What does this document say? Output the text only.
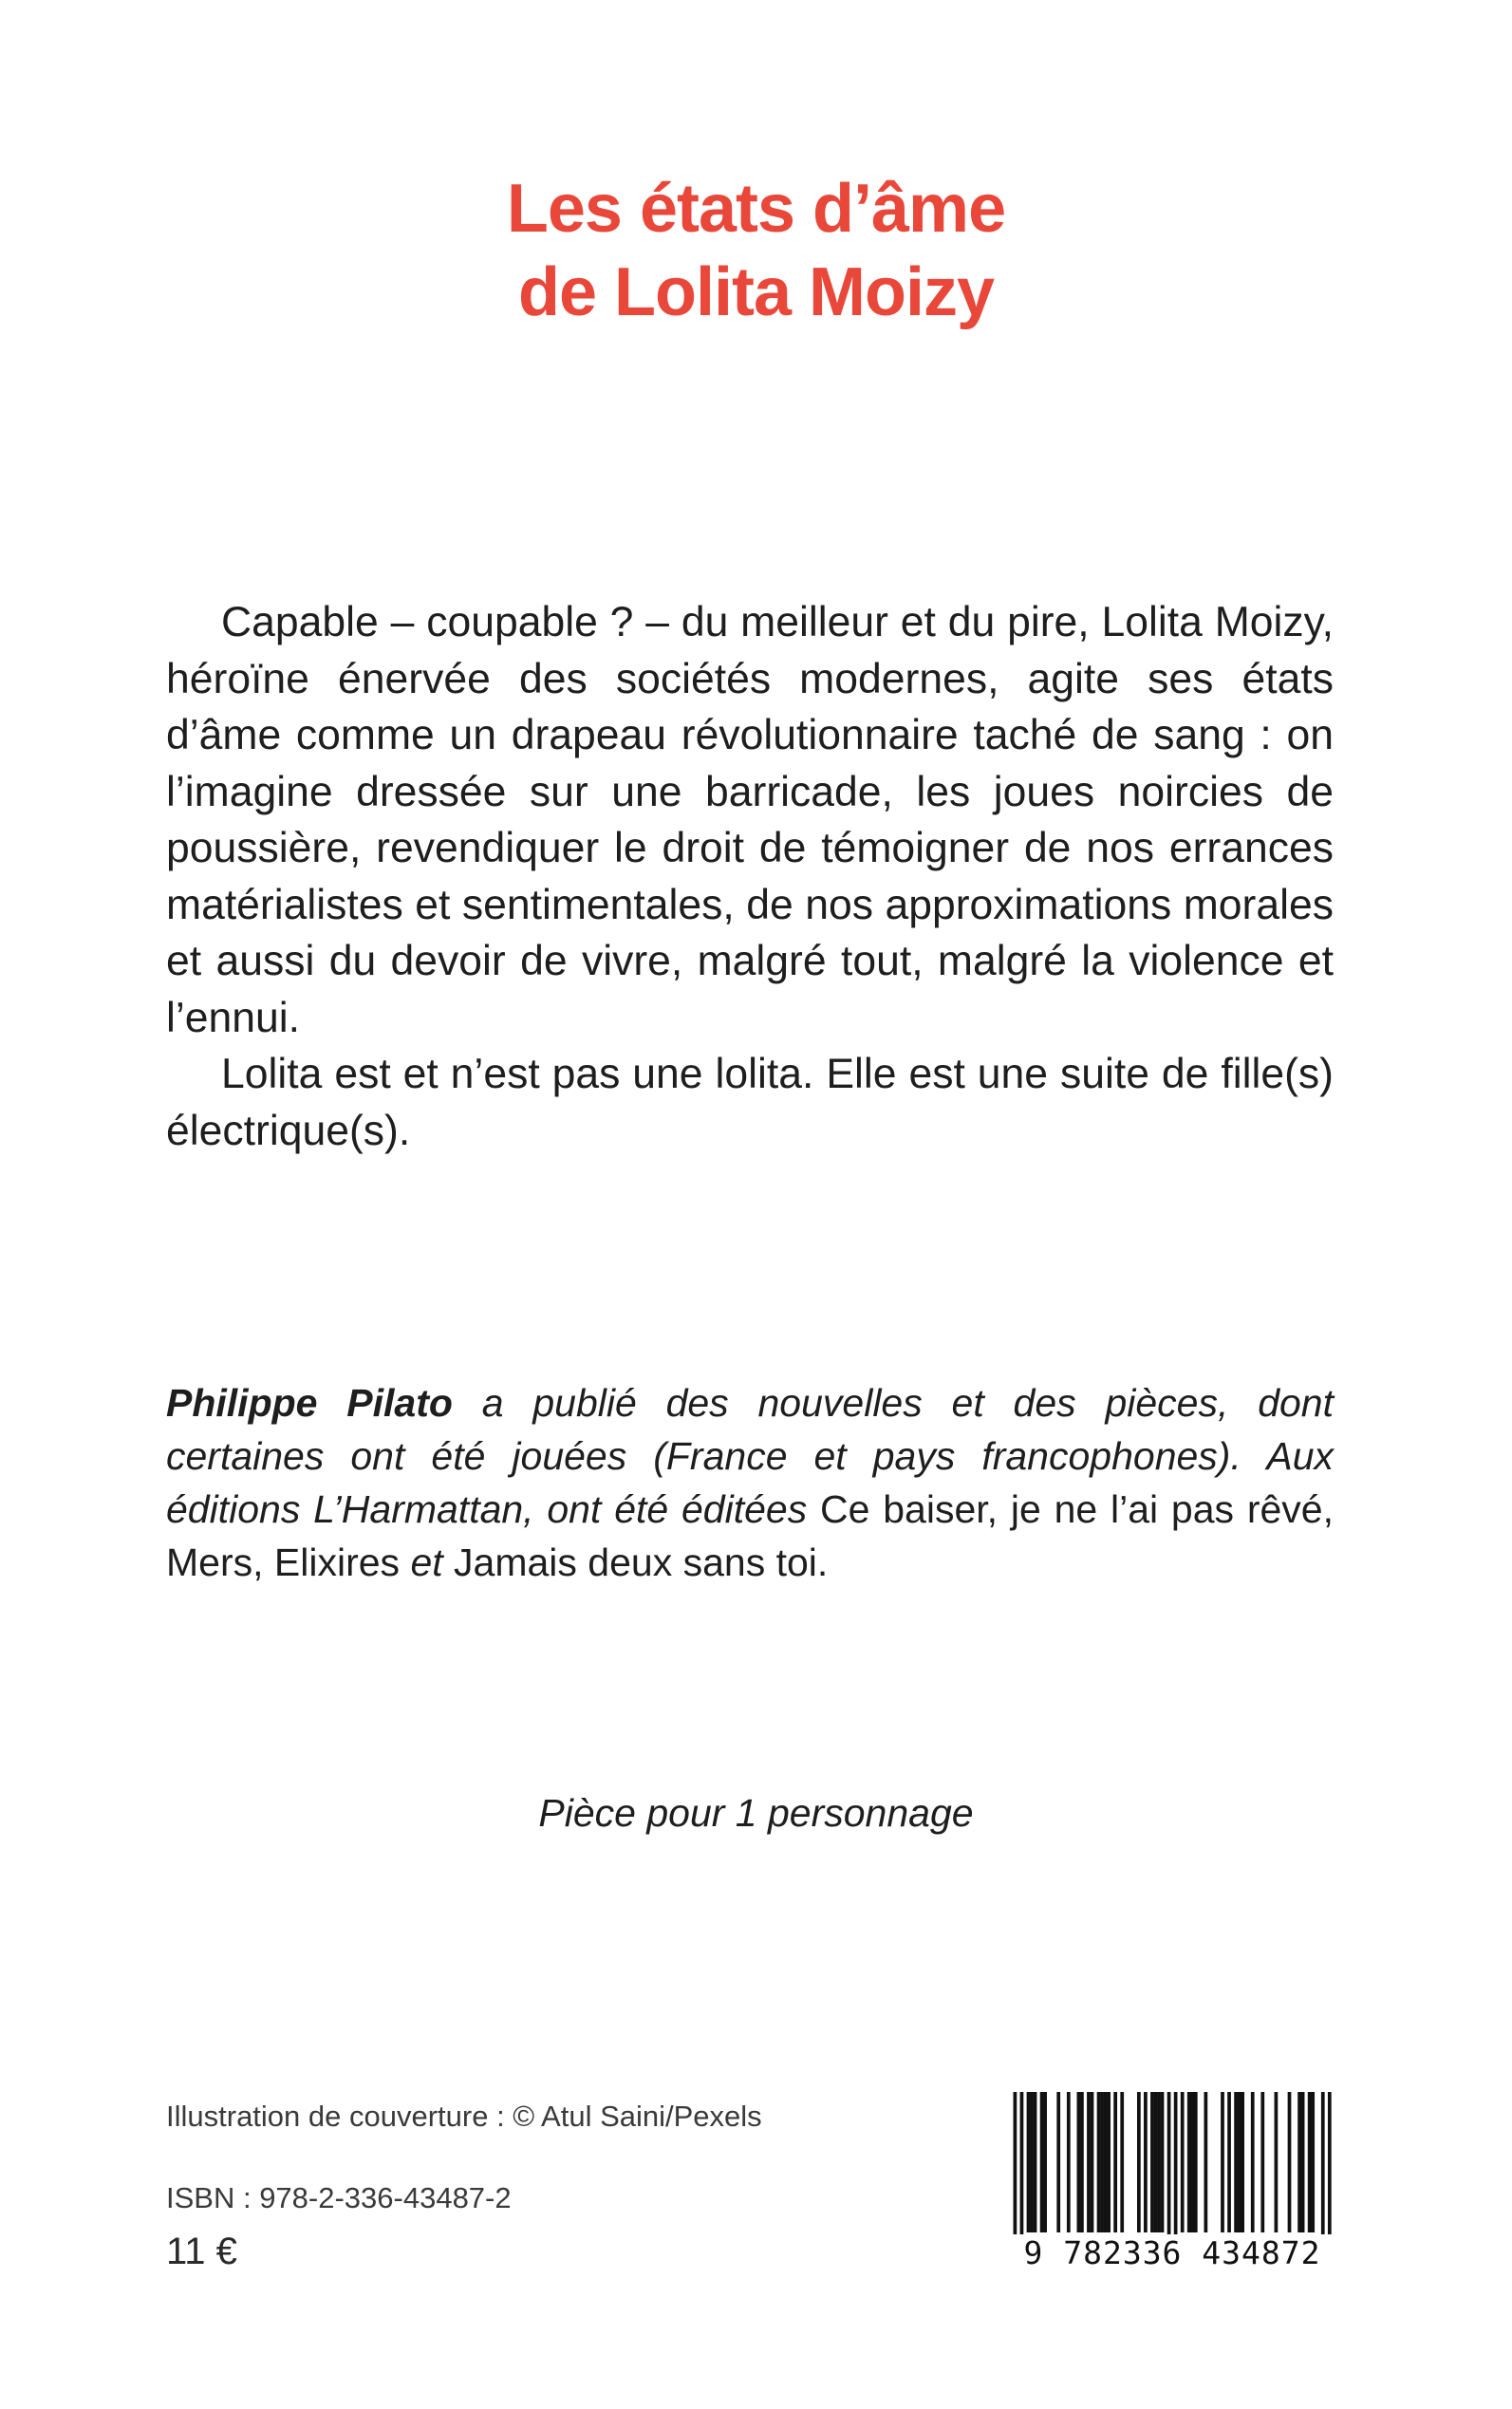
Les états d’âme
de Lolita Moizy

Capable – coupable ? – du meilleur et du pire, Lolita Moizy, héroïne énervée des sociétés modernes, agite ses états d’âme comme un drapeau révolutionnaire taché de sang : on l’imagine dressée sur une barricade, les joues noircies de poussière, revendiquer le droit de témoigner de nos errances matérialistes et sentimentales, de nos approximations morales et aussi du devoir de vivre, malgré tout, malgré la violence et l’ennui.

Lolita est et n’est pas une lolita. Elle est une suite de fille(s) électrique(s).

Philippe Pilato a publié des nouvelles et des pièces, dont certaines ont été jouées (France et pays francophones). Aux éditions L’Harmattan, ont été éditées Ce baiser, je ne l’ai pas rêvé, Mers, Elixires et Jamais deux sans toi.

Pièce pour 1 personnage
Illustration de couverture : © Atul Saini/Pexels
ISBN : 978-2-336-43487-2
11 €	9 782336 434872
